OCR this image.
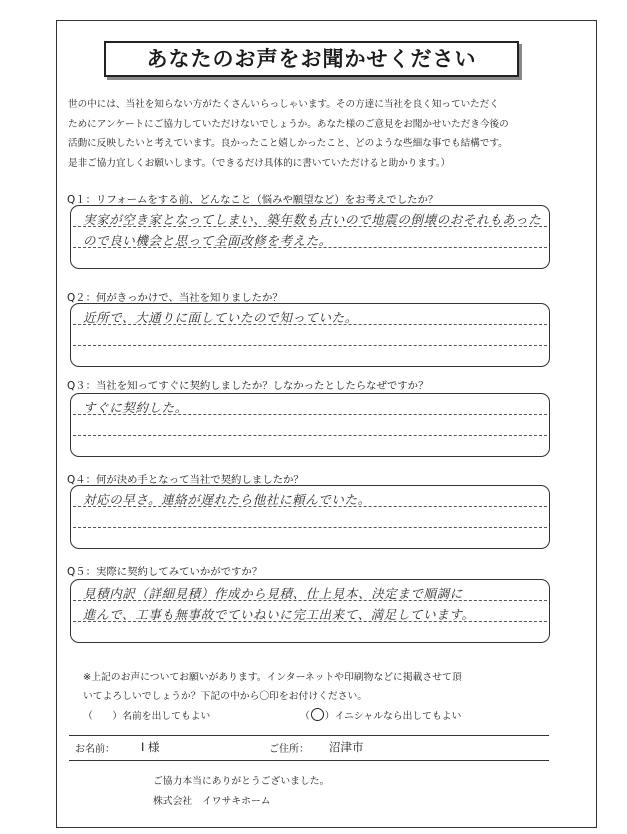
あなたのお声をお聞かせください
世の中には、当社を知らない方がたくさんいらっしゃいます。その方達に当社を良く知っていただく
ためにアンケートにご協力していただけないでしょうか。あなた様のご意見をお聞かせいただき今後の
活動に反映したいと考えています。良かったこと嬉しかったこと、どのような些細な事でも結構です。
是非ご協力宜しくお願いします。（できるだけ具体的に書いていただけると助かります。）
Q１：リフォームをする前、どんなこと（悩みや願望など）をお考えでしたか？
実家が空き家となってしまい、築年数も古いので地震の倒壊のおそれもあった
ので良い機会と思って全面改修を考えた。
Q２：何がきっかけで、当社を知りましたか？
近所で、大通りに面していたので知っていた。
Q３：当社を知ってすぐに契約しましたか？しなかったとしたらなぜですか？
すぐに契約した。
Q４：何が決め手となって当社で契約しましたか？
対応の早さ。連絡が遅れたら他社に頼んでいた。
Q５：実際に契約してみていかがですか？
見積内訳（詳細見積）作成から見積、仕上見本、決定まで順調に
進んで、工事も無事故でていねいに完工出来て、満足しています。
※上記のお声についてお願いがあります。インターネットや印刷物などに掲載させて頂
いてよろしいでしょうか？下記の中から〇印をお付けください。
（　　）名前を出してもよい	（ ）イニシャルなら出してもよい
お名前： I 様	ご住所： 沼津市
ご協力本当にありがとうございました。
株式会社　イワサキホーム
